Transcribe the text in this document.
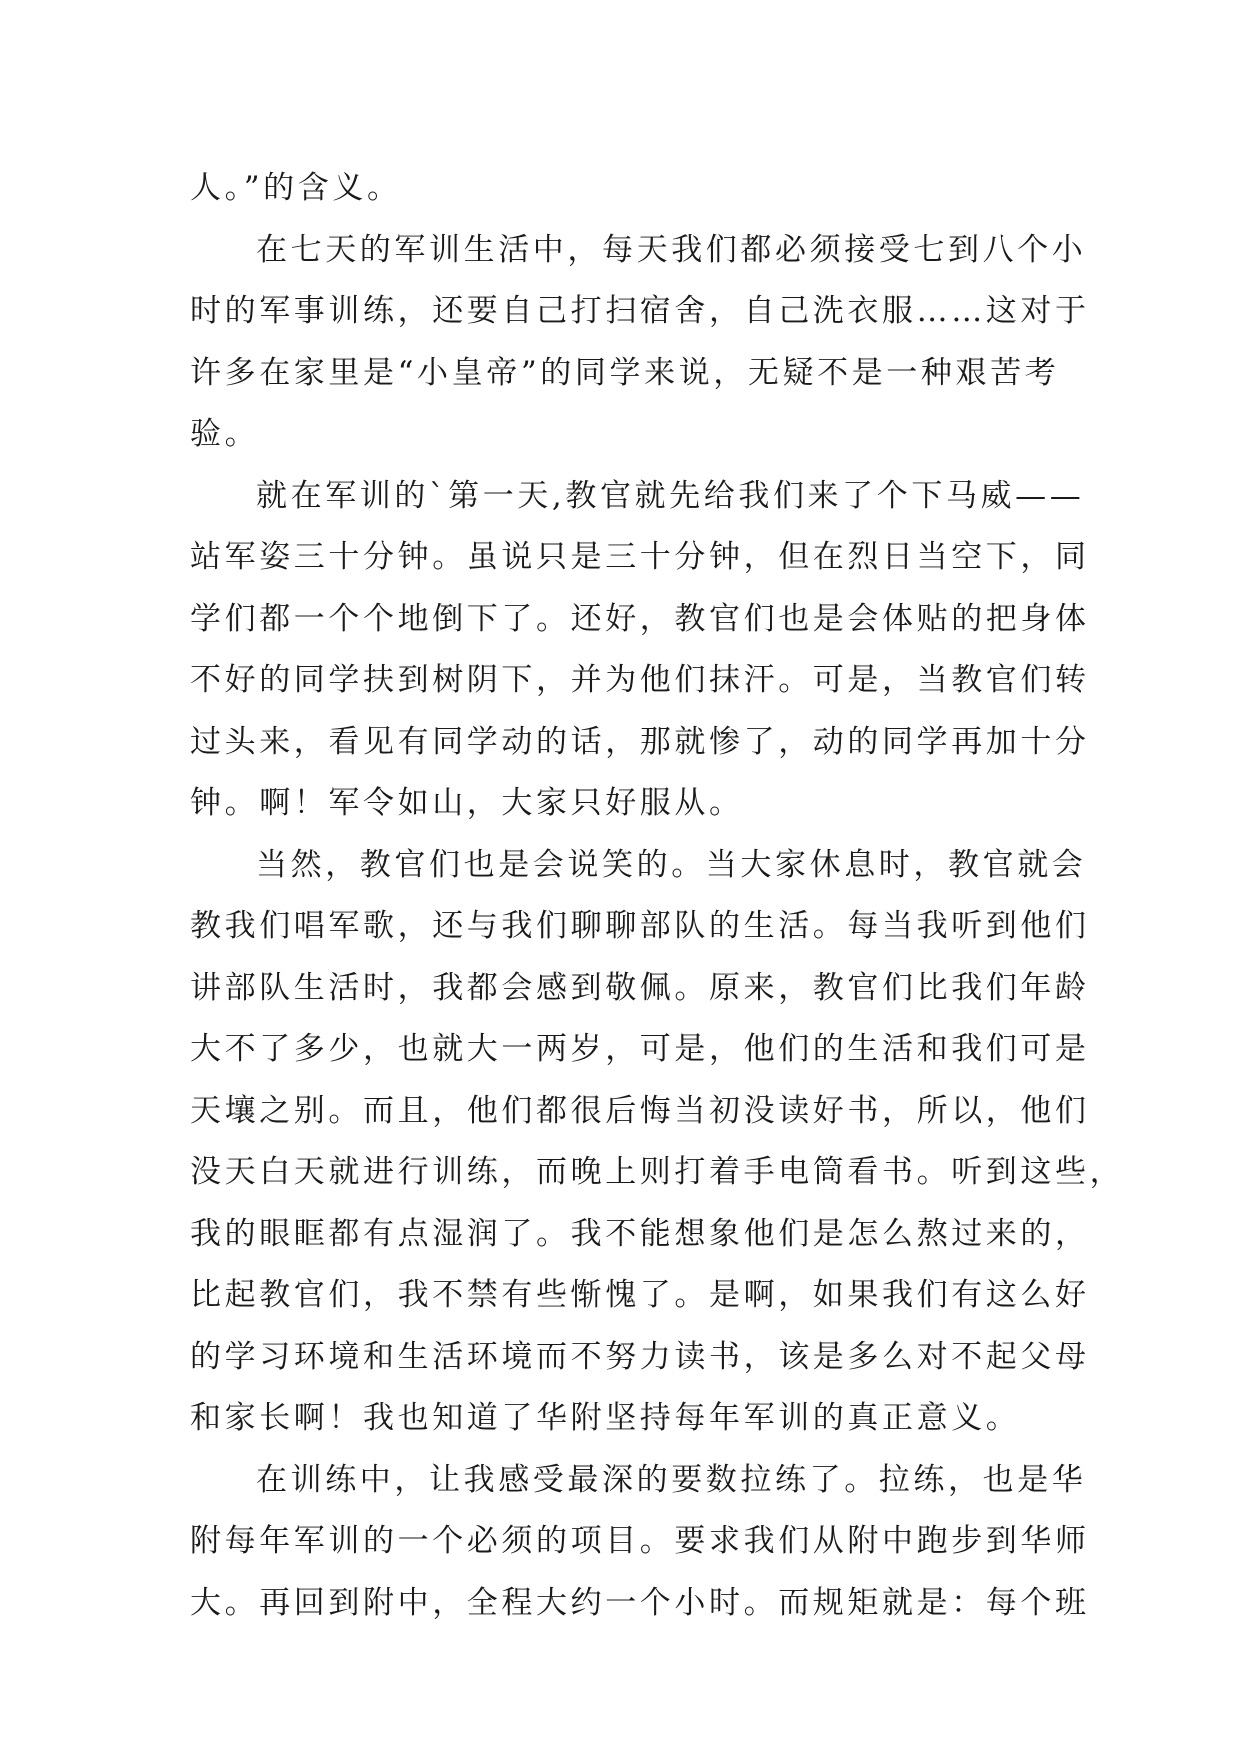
人。”的含义。
在七天的军训生活中，每天我们都必须接受七到八个小
时的军事训练，还要自己打扫宿舍，自己洗衣服……这对于
许多在家里是“小皇帝”的同学来说，无疑不是一种艰苦考
验。
就在军训的`第一天,教官就先给我们来了个下马威——
站军姿三十分钟。虽说只是三十分钟，但在烈日当空下，同
学们都一个个地倒下了。还好，教官们也是会体贴的把身体
不好的同学扶到树阴下，并为他们抹汗。可是，当教官们转
过头来，看见有同学动的话，那就惨了，动的同学再加十分
钟。啊！军令如山，大家只好服从。
当然，教官们也是会说笑的。当大家休息时，教官就会
教我们唱军歌，还与我们聊聊部队的生活。每当我听到他们
讲部队生活时，我都会感到敬佩。原来，教官们比我们年龄
大不了多少，也就大一两岁，可是，他们的生活和我们可是
天壤之别。而且，他们都很后悔当初没读好书，所以，他们
没天白天就进行训练，而晚上则打着手电筒看书。听到这些，
我的眼眶都有点湿润了。我不能想象他们是怎么熬过来的，
比起教官们，我不禁有些惭愧了。是啊，如果我们有这么好
的学习环境和生活环境而不努力读书，该是多么对不起父母
和家长啊！我也知道了华附坚持每年军训的真正意义。
在训练中，让我感受最深的要数拉练了。拉练，也是华
附每年军训的一个必须的项目。要求我们从附中跑步到华师
大。再回到附中，全程大约一个小时。而规矩就是：每个班
